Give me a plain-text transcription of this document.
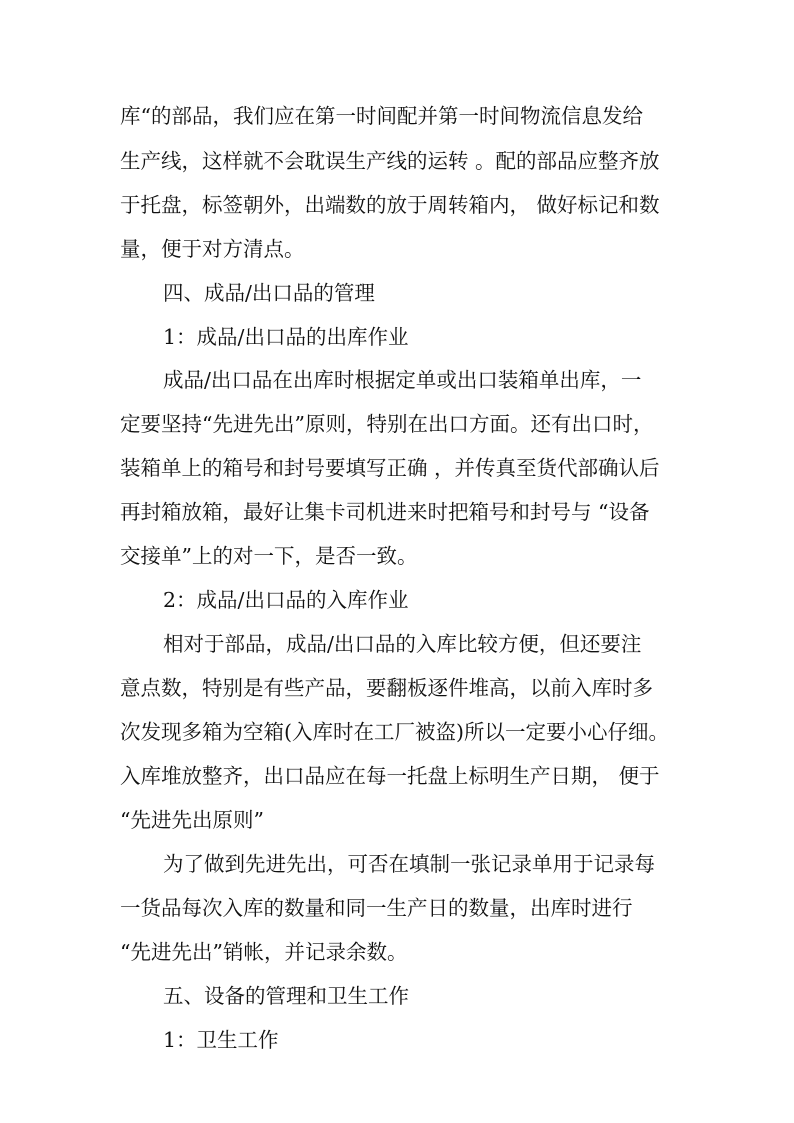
库“的部品，我们应在第一时间配并第一时间物流信息发给
生产线，这样就不会耽误生产线的运转 。配的部品应整齐放
于托盘，标签朝外，出端数的放于周转箱内， 做好标记和数
量，便于对方清点。
四、成品/出口品的管理
1：成品/出口品的出库作业
成品/出口品在出库时根据定单或出口装箱单出库，一
定要坚持“先进先出”原则，特别在出口方面。还有出口时，
装箱单上的箱号和封号要填写正确 ，并传真至货代部确认后
再封箱放箱，最好让集卡司机进来时把箱号和封号与 “设备
交接单”上的对一下，是否一致。
2：成品/出口品的入库作业
相对于部品，成品/出口品的入库比较方便，但还要注
意点数，特别是有些产品，要翻板逐件堆高，以前入库时多
次发现多箱为空箱(入库时在工厂被盗)所以一定要小心仔细。
入库堆放整齐，出口品应在每一托盘上标明生产日期， 便于
“先进先出原则”
为了做到先进先出，可否在填制一张记录单用于记录每
一货品每次入库的数量和同一生产日的数量，出库时进行
“先进先出”销帐，并记录余数。
五、设备的管理和卫生工作
1：卫生工作
